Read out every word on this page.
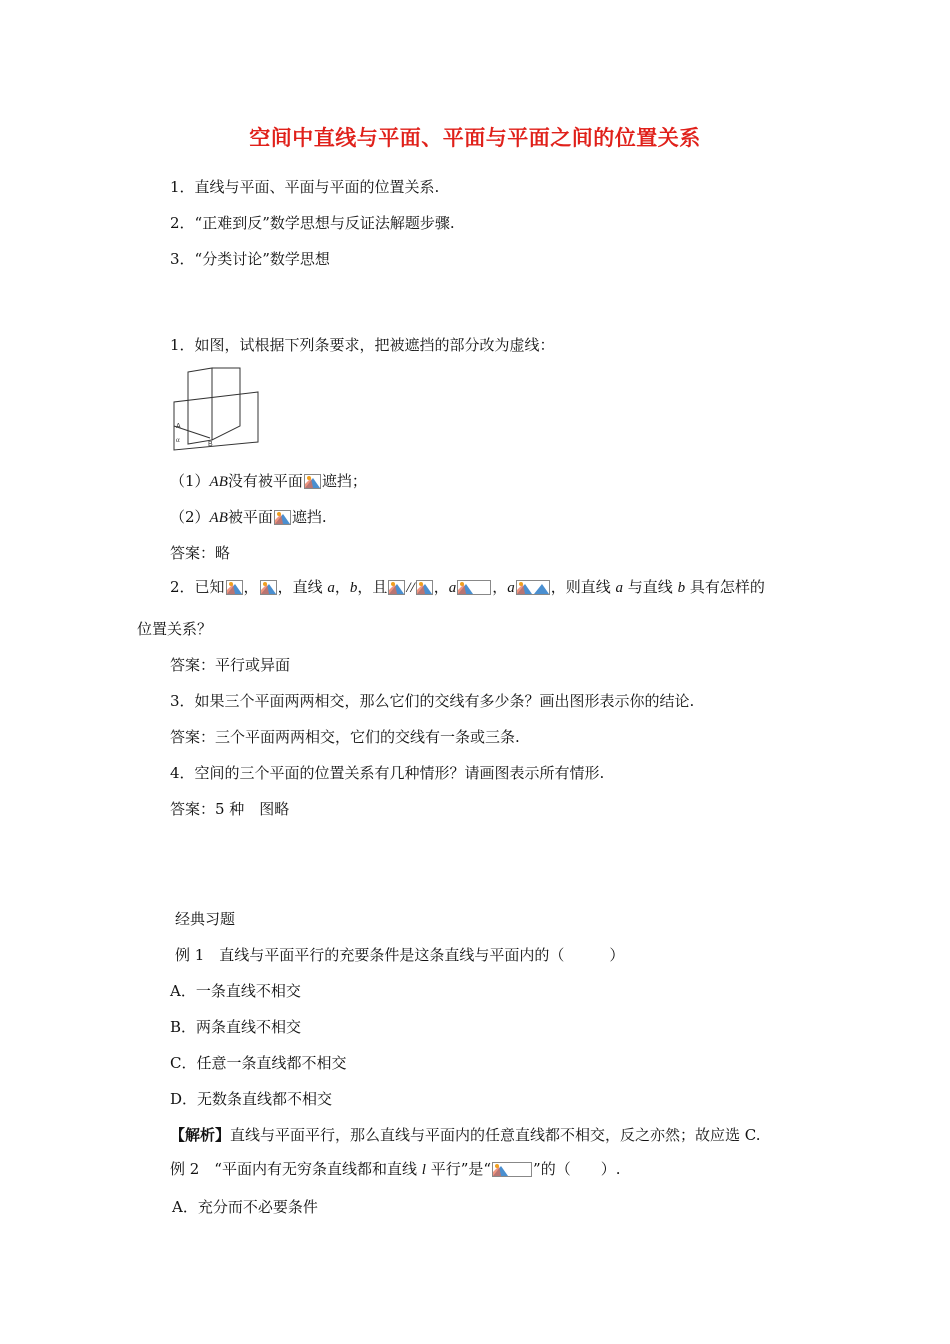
空间中直线与平面、平面与平面之间的位置关系
1．直线与平面、平面与平面的位置关系.
2．“正难到反”数学思想与反证法解题步骤.
3．“分类讨论”数学思想
1．如图，试根据下列条要求，把被遮挡的部分改为虚线：
A
B
α
（1）AB没有被平面 遮挡；
（2）AB被平面 遮挡.
答案：略
2．已知 ， ，直线 a，b，且 // ，a ，a ，则直线 a 与直线 b 具有怎样的
位置关系？
答案：平行或异面
3．如果三个平面两两相交，那么它们的交线有多少条？画出图形表示你的结论.
答案：三个平面两两相交，它们的交线有一条或三条.
4．空间的三个平面的位置关系有几种情形？请画图表示所有情形.
答案：5 种　图略
经典习题
例 1　直线与平面平行的充要条件是这条直线与平面内的（　　　）
A．一条直线不相交
B．两条直线不相交
C．任意一条直线都不相交
D．无数条直线都不相交
【解析】直线与平面平行，那么直线与平面内的任意直线都不相交，反之亦然；故应选 C.
例 2　“平面内有无穷条直线都和直线 l 平行”是“	”的（　　）.
A．充分而不必要条件
